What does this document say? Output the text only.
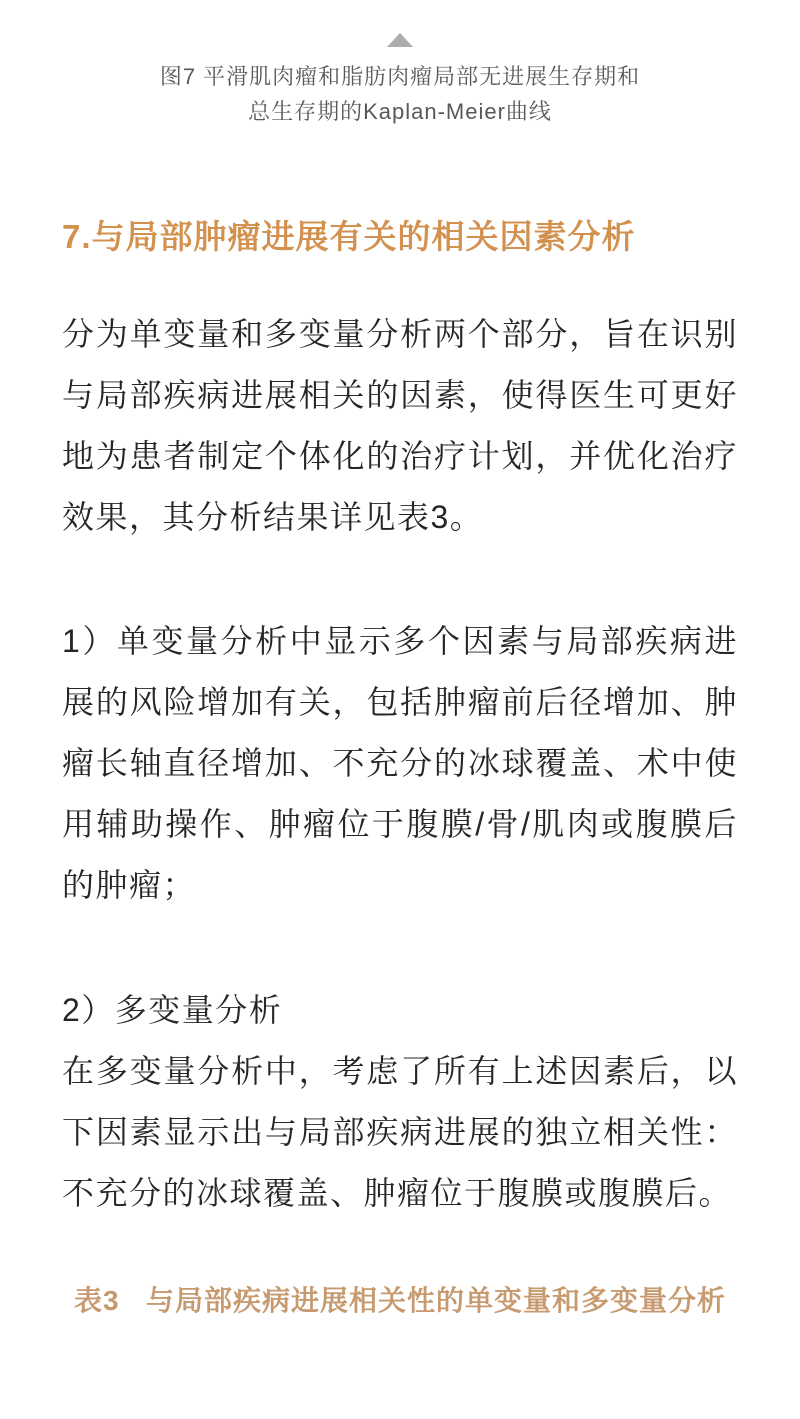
图7 平滑肌肉瘤和脂肪肉瘤局部无进展生存期和
总生存期的Kaplan-Meier曲线
7.与局部肿瘤进展有关的相关因素分析

分为单变量和多变量分析两个部分，旨在识别与局部疾病进展相关的因素，使得医生可更好地为患者制定个体化的治疗计划，并优化治疗效果，其分析结果详见表3。

1）单变量分析中显示多个因素与局部疾病进展的风险增加有关，包括肿瘤前后径增加、肿瘤长轴直径增加、不充分的冰球覆盖、术中使用辅助操作、肿瘤位于腹膜/骨/肌肉或腹膜后的肿瘤；

2）多变量分析
在多变量分析中，考虑了所有上述因素后，以下因素显示出与局部疾病进展的独立相关性：不充分的冰球覆盖、肿瘤位于腹膜或腹膜后。
表3   与局部疾病进展相关性的单变量和多变量分析
